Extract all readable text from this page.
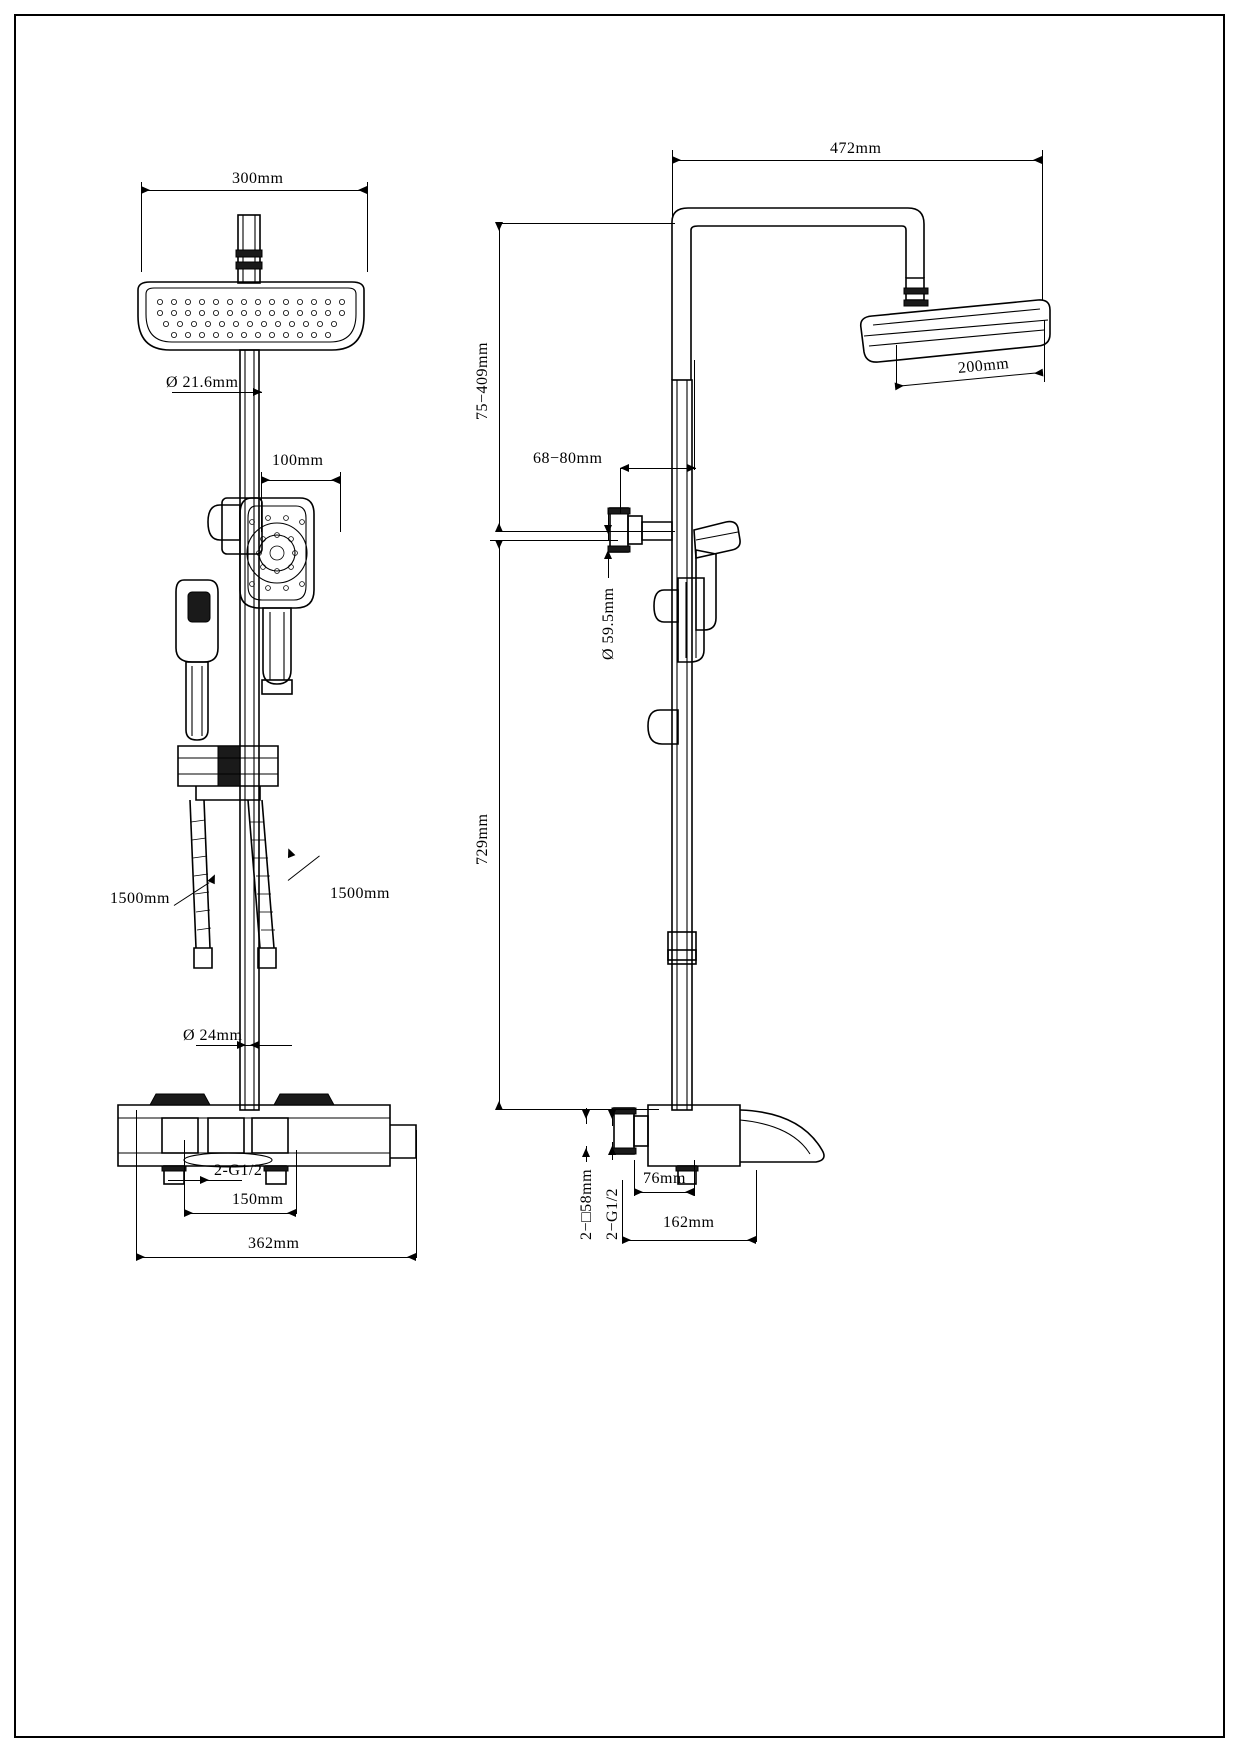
300mm
Ø 21.6mm
100mm
1500mm	1500mm
Ø 24mm
2-G1/2
150mm
362mm
472mm
200mm
75−409mm
68−80mm
Ø 59.5mm
729mm
2−□58mm 2−G1/2
76mm
162mm
